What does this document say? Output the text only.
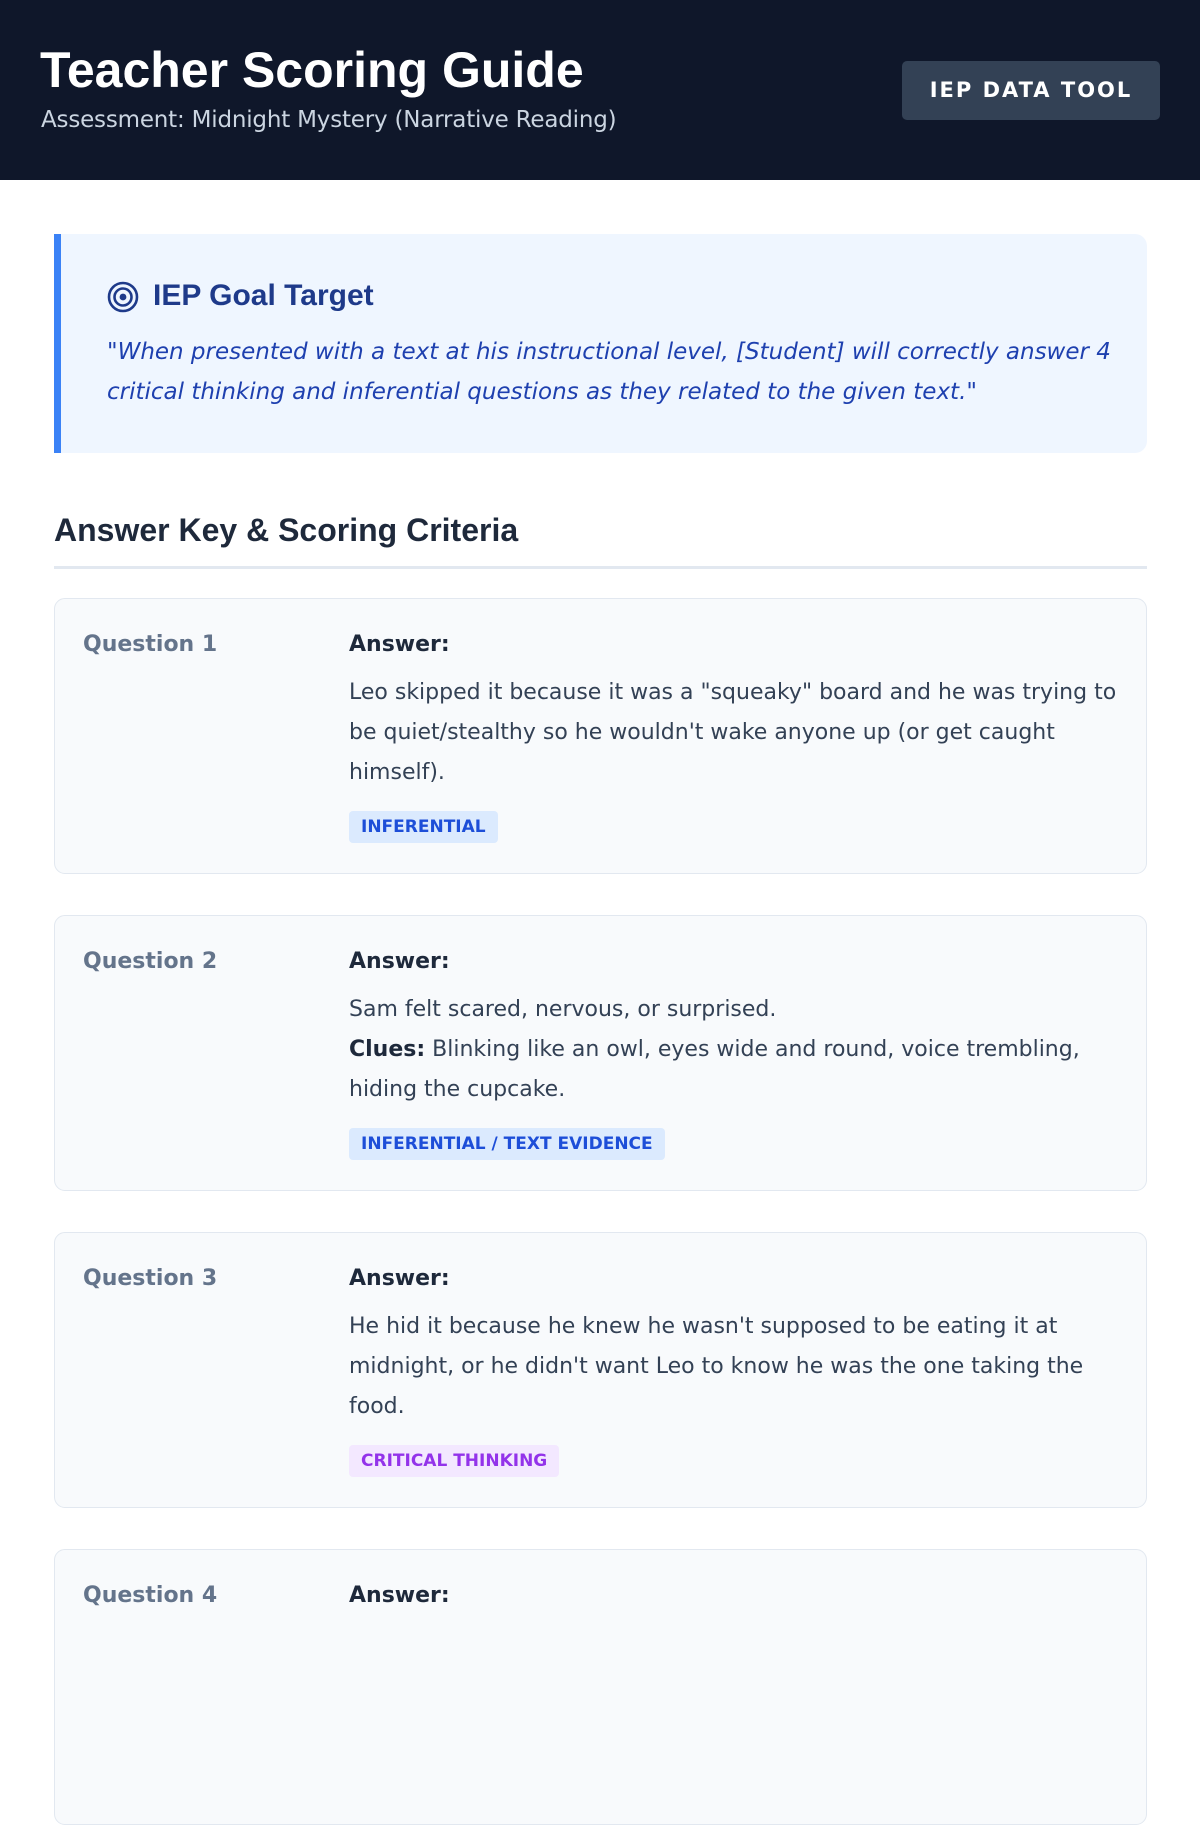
Teacher Scoring Guide
Assessment: Midnight Mystery (Narrative Reading)
IEP DATA TOOL
IEP Goal Target

"When presented with a text at his instructional level, [Student] will correctly answer 4 critical thinking and inferential questions as they related to the given text."

Answer Key & Scoring Criteria
Question 1	Answer:

Leo skipped it because it was a "squeaky" board and he was trying to be quiet/stealthy so he wouldn't wake anyone up (or get caught himself).

INFERENTIAL
Question 2	Answer:
Sam felt scared, nervous, or surprised.
Clues: Blinking like an owl, eyes wide and round, voice trembling, hiding the cupcake.
INFERENTIAL / TEXT EVIDENCE
Question 3	Answer:

He hid it because he knew he wasn't supposed to be eating it at midnight, or he didn't want Leo to know he was the one taking the food.

CRITICAL THINKING
Question 4	Answer:
